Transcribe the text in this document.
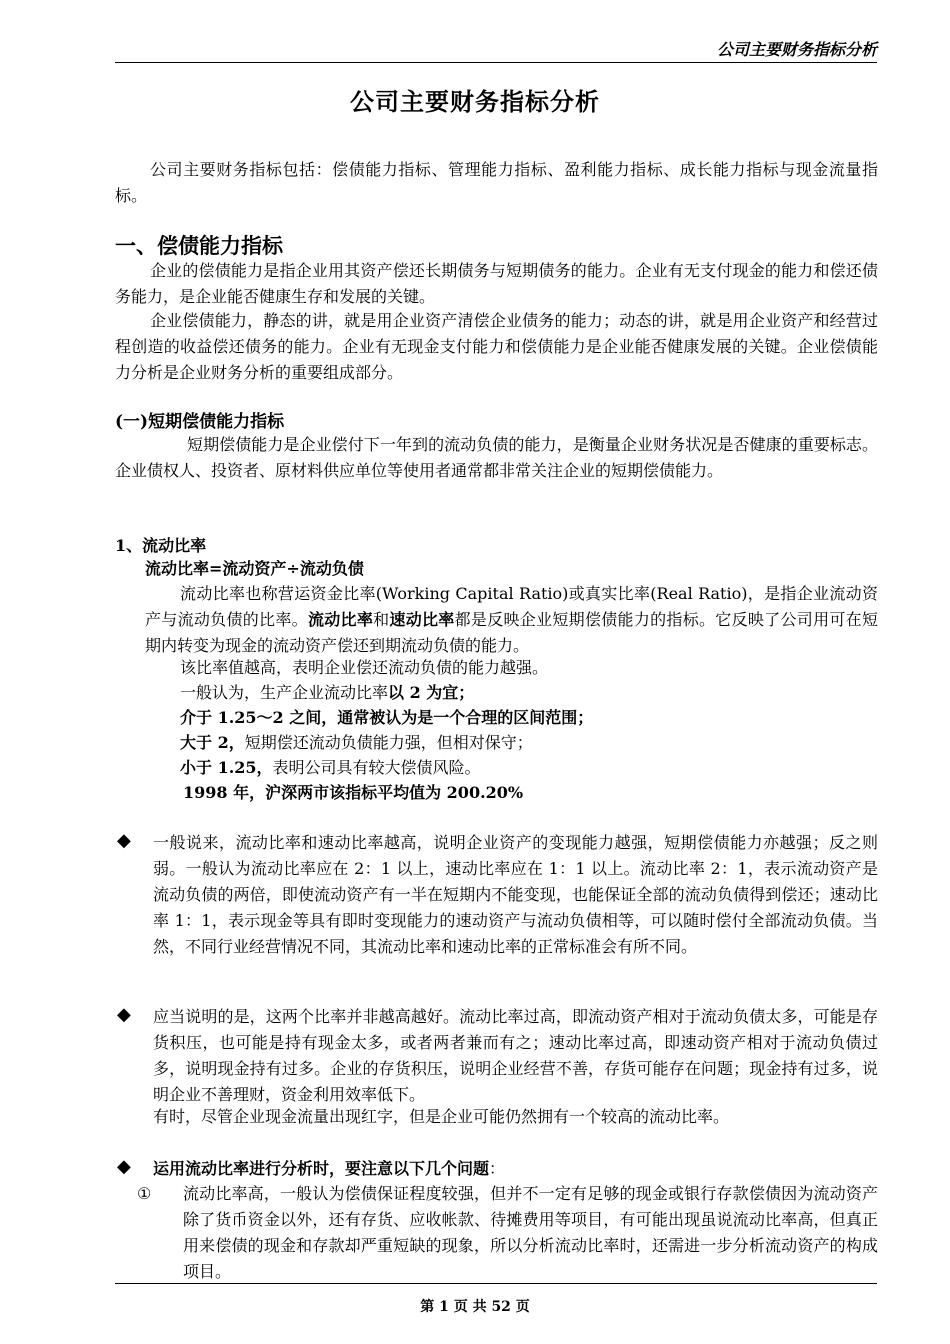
公司主要财务指标分析
公司主要财务指标分析
公司主要财务指标包括：偿债能力指标、管理能力指标、盈利能力指标、成长能力指标与现金流量指标。
一、偿债能力指标
企业的偿债能力是指企业用其资产偿还长期债务与短期债务的能力。企业有无支付现金的能力和偿还债务能力，是企业能否健康生存和发展的关键。
企业偿债能力，静态的讲，就是用企业资产清偿企业债务的能力；动态的讲，就是用企业资产和经营过程创造的收益偿还债务的能力。企业有无现金支付能力和偿债能力是企业能否健康发展的关键。企业偿债能力分析是企业财务分析的重要组成部分。
(一)短期偿债能力指标
短期偿债能力是企业偿付下一年到的流动负债的能力，是衡量企业财务状况是否健康的重要标志。企业债权人、投资者、原材料供应单位等使用者通常都非常关注企业的短期偿债能力。
1、流动比率
流动比率=流动资产÷流动负债
流动比率也称营运资金比率(Working Capital Ratio)或真实比率(Real Ratio)，是指企业流动资产与流动负债的比率。流动比率和速动比率都是反映企业短期偿债能力的指标。它反映了公司用可在短期内转变为现金的流动资产偿还到期流动负债的能力。
该比率值越高，表明企业偿还流动负债的能力越强。
一般认为，生产企业流动比率以 2 为宜；
介于 1.25～2 之间，通常被认为是一个合理的区间范围；
大于 2，短期偿还流动负债能力强，但相对保守；
小于 1.25，表明公司具有较大偿债风险。
1998 年，沪深两市该指标平均值为 200.20%
◆ 一般说来，流动比率和速动比率越高，说明企业资产的变现能力越强，短期偿债能力亦越强；反之则弱。一般认为流动比率应在 2：1 以上，速动比率应在 1：1 以上。流动比率 2：1，表示流动资产是流动负债的两倍，即使流动资产有一半在短期内不能变现，也能保证全部的流动负债得到偿还；速动比率 1：1，表示现金等具有即时变现能力的速动资产与流动负债相等，可以随时偿付全部流动负债。当然，不同行业经营情况不同，其流动比率和速动比率的正常标准会有所不同。
◆ 应当说明的是，这两个比率并非越高越好。流动比率过高，即流动资产相对于流动负债太多，可能是存货积压，也可能是持有现金太多，或者两者兼而有之；速动比率过高，即速动资产相对于流动负债过多，说明现金持有过多。企业的存货积压，说明企业经营不善，存货可能存在问题；现金持有过多，说明企业不善理财，资金利用效率低下。
有时，尽管企业现金流量出现红字，但是企业可能仍然拥有一个较高的流动比率。
◆ 运用流动比率进行分析时，要注意以下几个问题：
① 流动比率高，一般认为偿债保证程度较强，但并不一定有足够的现金或银行存款偿债因为流动资产除了货币资金以外，还有存货、应收帐款、待摊费用等项目，有可能出现虽说流动比率高，但真正用来偿债的现金和存款却严重短缺的现象，所以分析流动比率时，还需进一步分析流动资产的构成项目。
第 1 页 共 52 页
